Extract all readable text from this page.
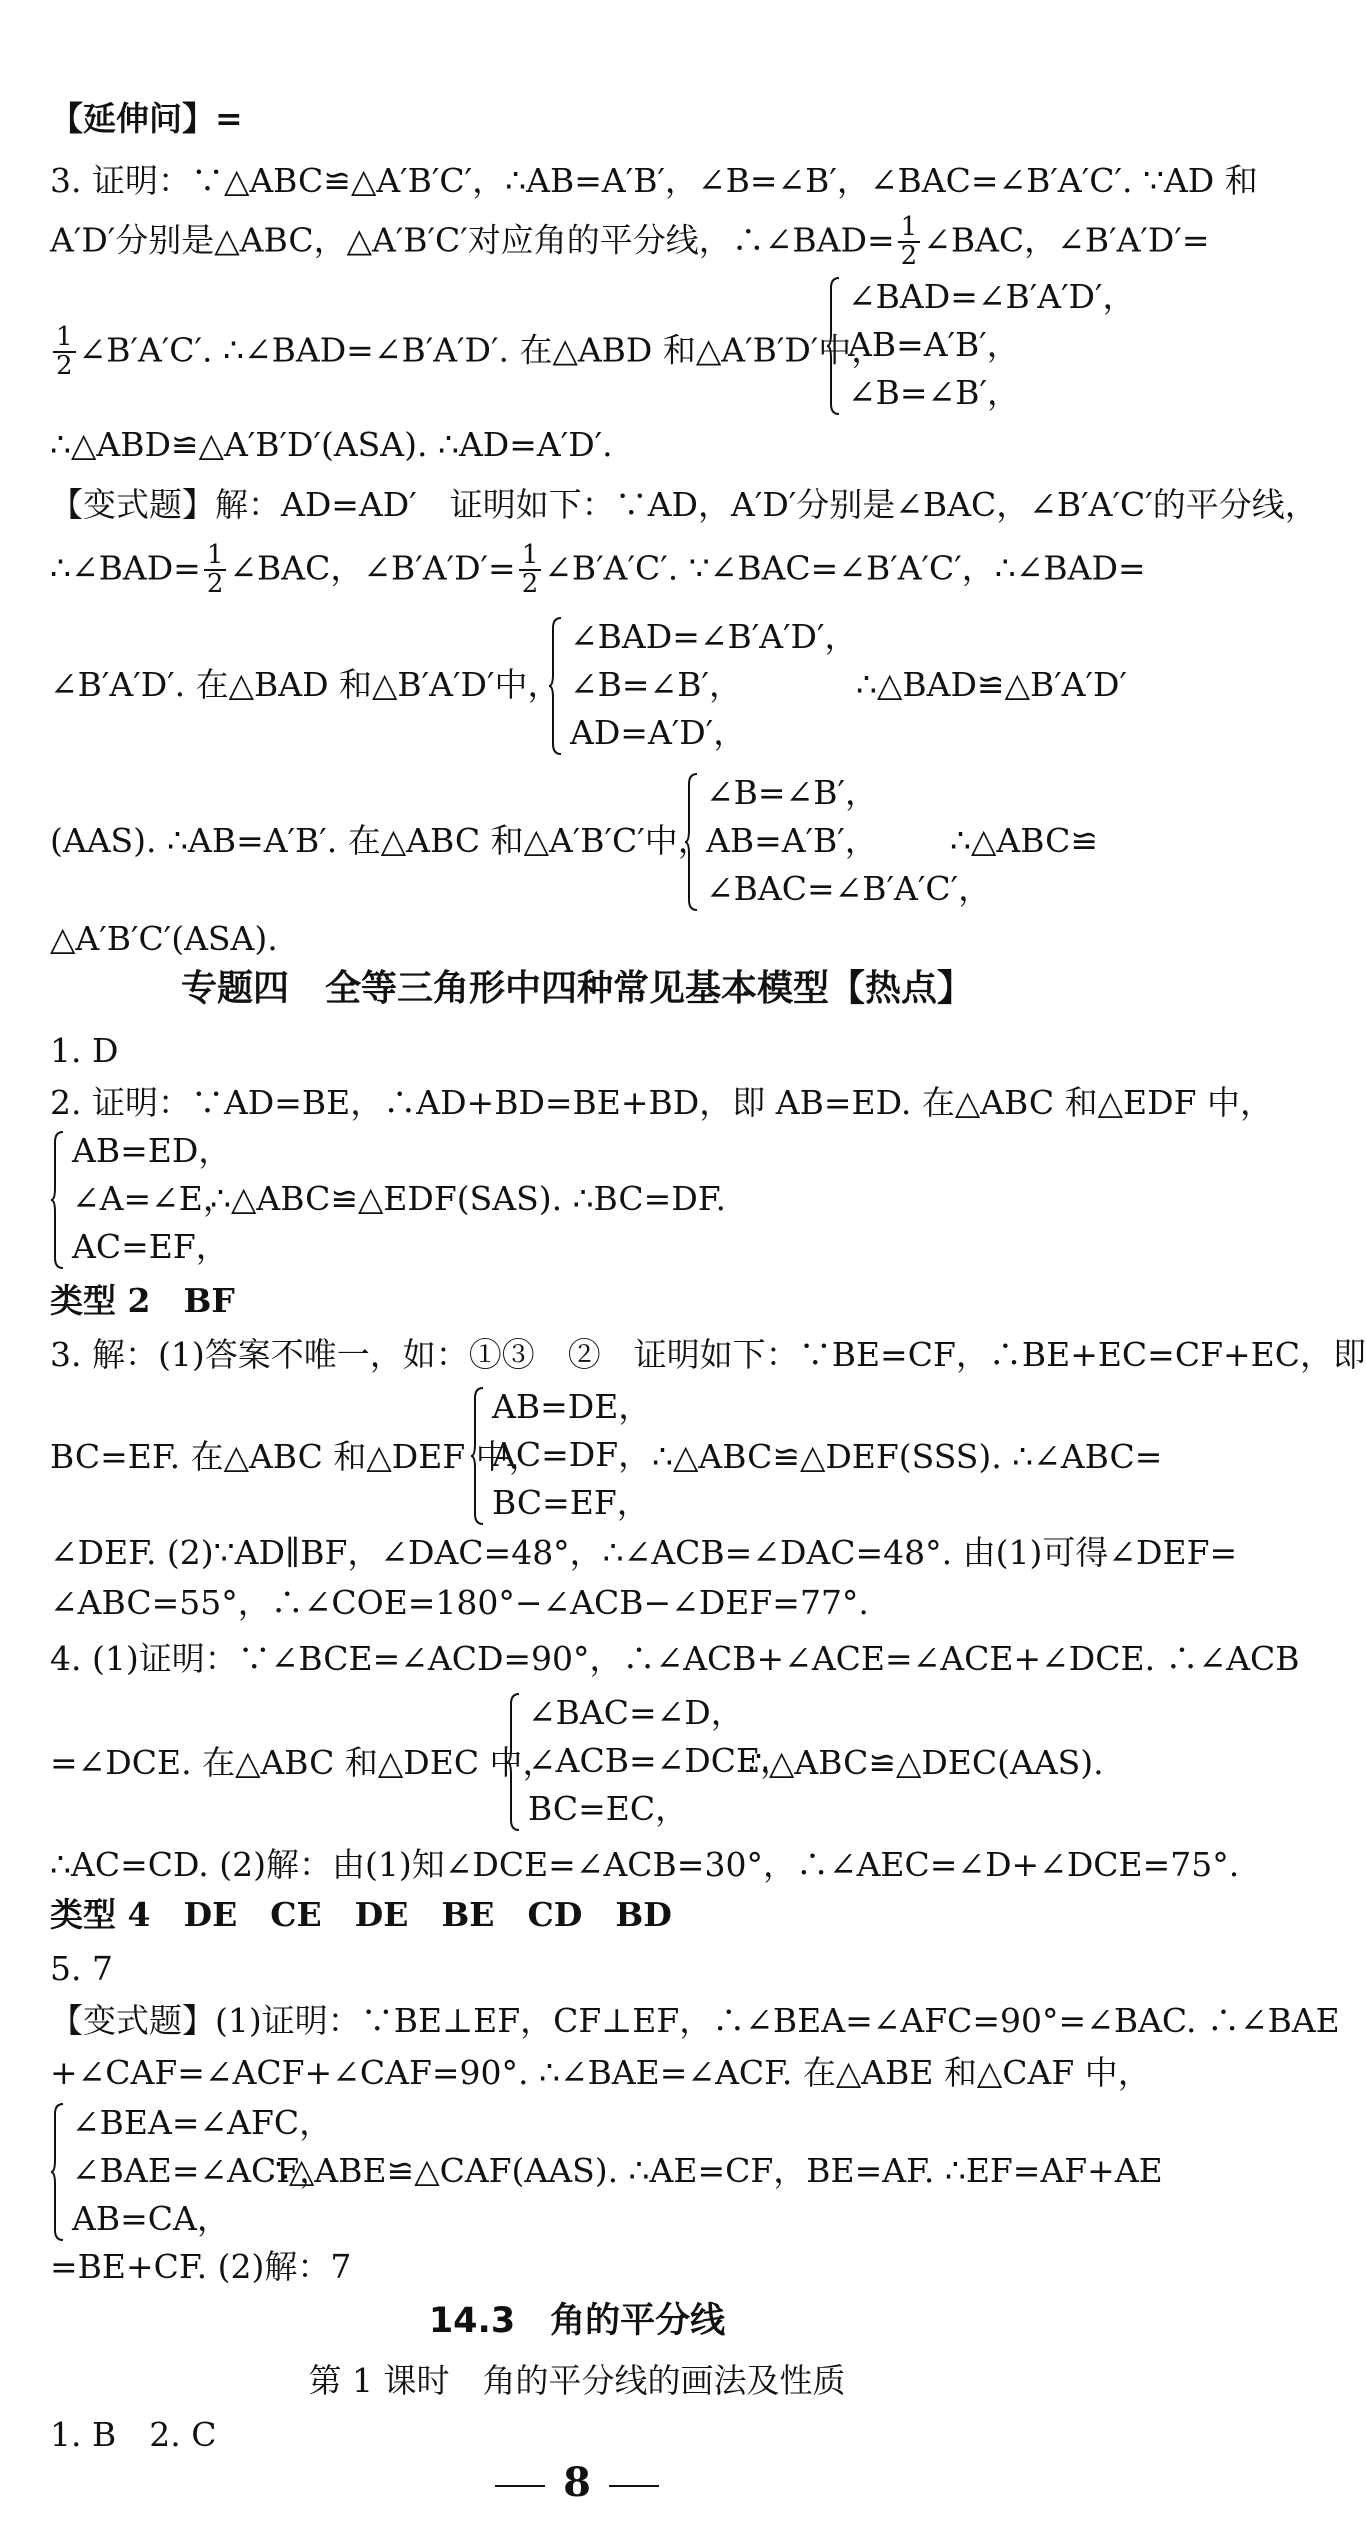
【延伸问】=
3. 证明：∵△ABC≌△A′B′C′，∴AB=A′B′，∠B=∠B′，∠BAC=∠B′A′C′. ∵AD 和
A′D′分别是△ABC，△A′B′C′对应角的平分线，∴∠BAD= $\frac{1}{2}$ ∠BAC，∠B′A′D′=
$\frac{1}{2}$ ∠B′A′C′. ∴∠BAD=∠B′A′D′. 在△ABD 和△A′B′D′中，
∠BAD=∠B′A′D′，
AB=A′B′，
∠B=∠B′，
∴△ABD≌△A′B′D′(ASA). ∴AD=A′D′.
【变式题】解：AD=AD′　证明如下：∵AD，A′D′分别是∠BAC，∠B′A′C′的平分线，
∴∠BAD= $\frac{1}{2}$ ∠BAC，∠B′A′D′= $\frac{1}{2}$ ∠B′A′C′. ∵∠BAC=∠B′A′C′，∴∠BAD=
∠B′A′D′. 在△BAD 和△B′A′D′中，
∠BAD=∠B′A′D′，
∠B=∠B′，
AD=A′D′，
∴△BAD≌△B′A′D′
(AAS). ∴AB=A′B′. 在△ABC 和△A′B′C′中，
∠B=∠B′，
AB=A′B′，
∠BAC=∠B′A′C′，
∴△ABC≌
△A′B′C′(ASA).
专题四　全等三角形中四种常见基本模型【热点】
1. D
2. 证明：∵AD=BE，∴AD+BD=BE+BD，即 AB=ED. 在△ABC 和△EDF 中，
AB=ED，
∠A=∠E，
AC=EF，
∴△ABC≌△EDF(SAS). ∴BC=DF.
类型 2　BF
3. 解：(1)答案不唯一，如：①③　②　证明如下：∵BE=CF，∴BE+EC=CF+EC，即
BC=EF. 在△ABC 和△DEF 中，
AB=DE，
AC=DF，
BC=EF，
∴△ABC≌△DEF(SSS). ∴∠ABC=
∠DEF. (2)∵AD∥BF，∠DAC=48°，∴∠ACB=∠DAC=48°. 由(1)可得∠DEF=
∠ABC=55°，∴∠COE=180°−∠ACB−∠DEF=77°.
4. (1)证明：∵∠BCE=∠ACD=90°，∴∠ACB+∠ACE=∠ACE+∠DCE. ∴∠ACB
=∠DCE. 在△ABC 和△DEC 中，
∠BAC=∠D，
∠ACB=∠DCE，
BC=EC，
∴△ABC≌△DEC(AAS).
∴AC=CD. (2)解：由(1)知∠DCE=∠ACB=30°，∴∠AEC=∠D+∠DCE=75°.
类型 4　DE　CE　DE　BE　CD　BD
5. 7
【变式题】(1)证明：∵BE⊥EF，CF⊥EF，∴∠BEA=∠AFC=90°=∠BAC. ∴∠BAE
+∠CAF=∠ACF+∠CAF=90°. ∴∠BAE=∠ACF. 在△ABE 和△CAF 中，
∠BEA=∠AFC，
∠BAE=∠ACF，
AB=CA，
∴△ABE≌△CAF(AAS). ∴AE=CF，BE=AF. ∴EF=AF+AE
=BE+CF. (2)解：7
14.3　角的平分线
第 1 课时　角的平分线的画法及性质
1. B　2. C
8
